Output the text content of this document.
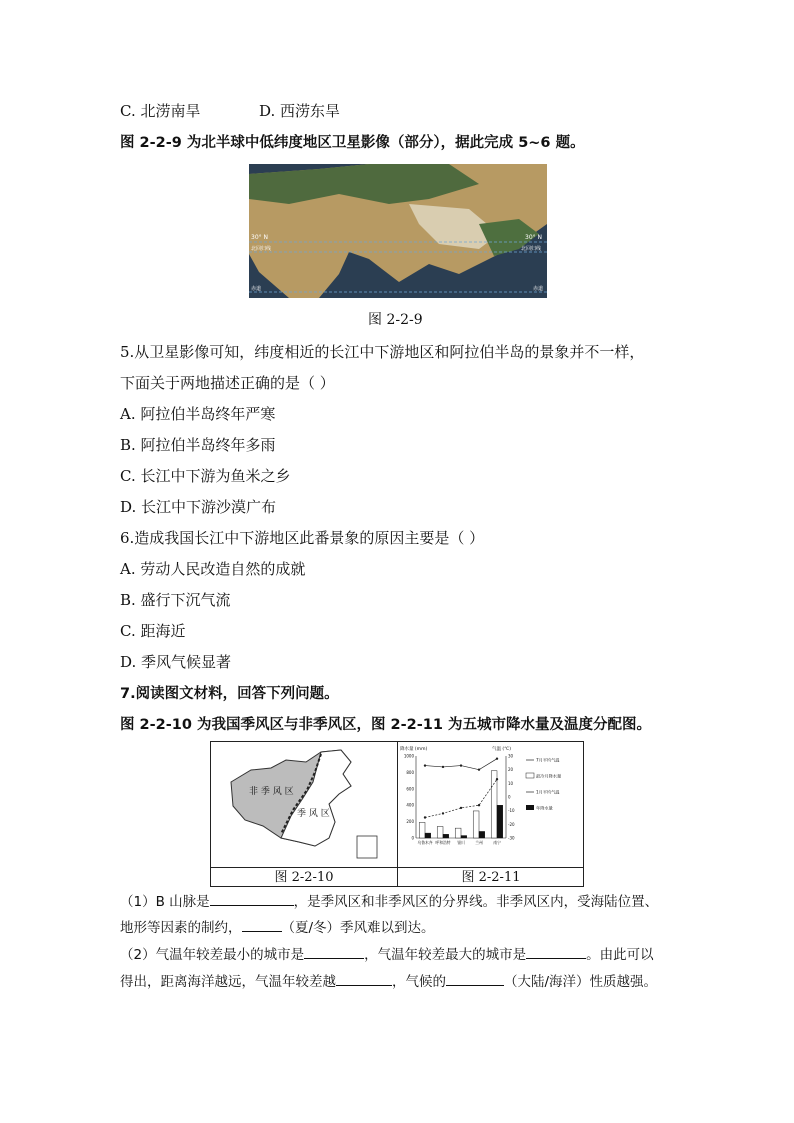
C. 北涝南旱	D. 西涝东旱
图 2-2-9 为北半球中低纬度地区卫星影像（部分），据此完成 5~6 题。
30° N	30° N
北回归线	北回归线
赤道	赤道
图 2-2-9
5.从卫星影像可知，纬度相近的长江中下游地区和阿拉伯半岛的景象并不一样，
下面关于两地描述正确的是（ ）
A. 阿拉伯半岛终年严寒
B. 阿拉伯半岛终年多雨
C. 长江中下游为鱼米之乡
D. 长江中下游沙漠广布
6.造成我国长江中下游地区此番景象的原因主要是（ ）
A. 劳动人民改造自然的成就
B. 盛行下沉气流
C. 距海近
D. 季风气候显著
7.阅读图文材料，回答下列问题。
图 2-2-10 为我国季风区与非季风区，图 2-2-11 为五城市降水量及温度分配图。
非 季 风 区
季 风 区
降水量 (mm)	气温 (℃)
1000
800
600
400
200
0
30
20
10
0
-10
-20
-30
乌鲁木齐 呼和浩特 银川	兰州	南宁
7月平均气温
最冷月降水量
1月平均气温
年降水量
图 2-2-10	图 2-2-11
（1）B 山脉是	，是季风区和非季风区的分界线。非季风区内，受海陆位置、
地形等因素的制约，	（夏/冬）季风难以到达。
（2）气温年较差最小的城市是	，气温年较差最大的城市是	。由此可以
得出，距离海洋越远，气温年较差越	，气候的	（大陆/海洋）性质越强。
